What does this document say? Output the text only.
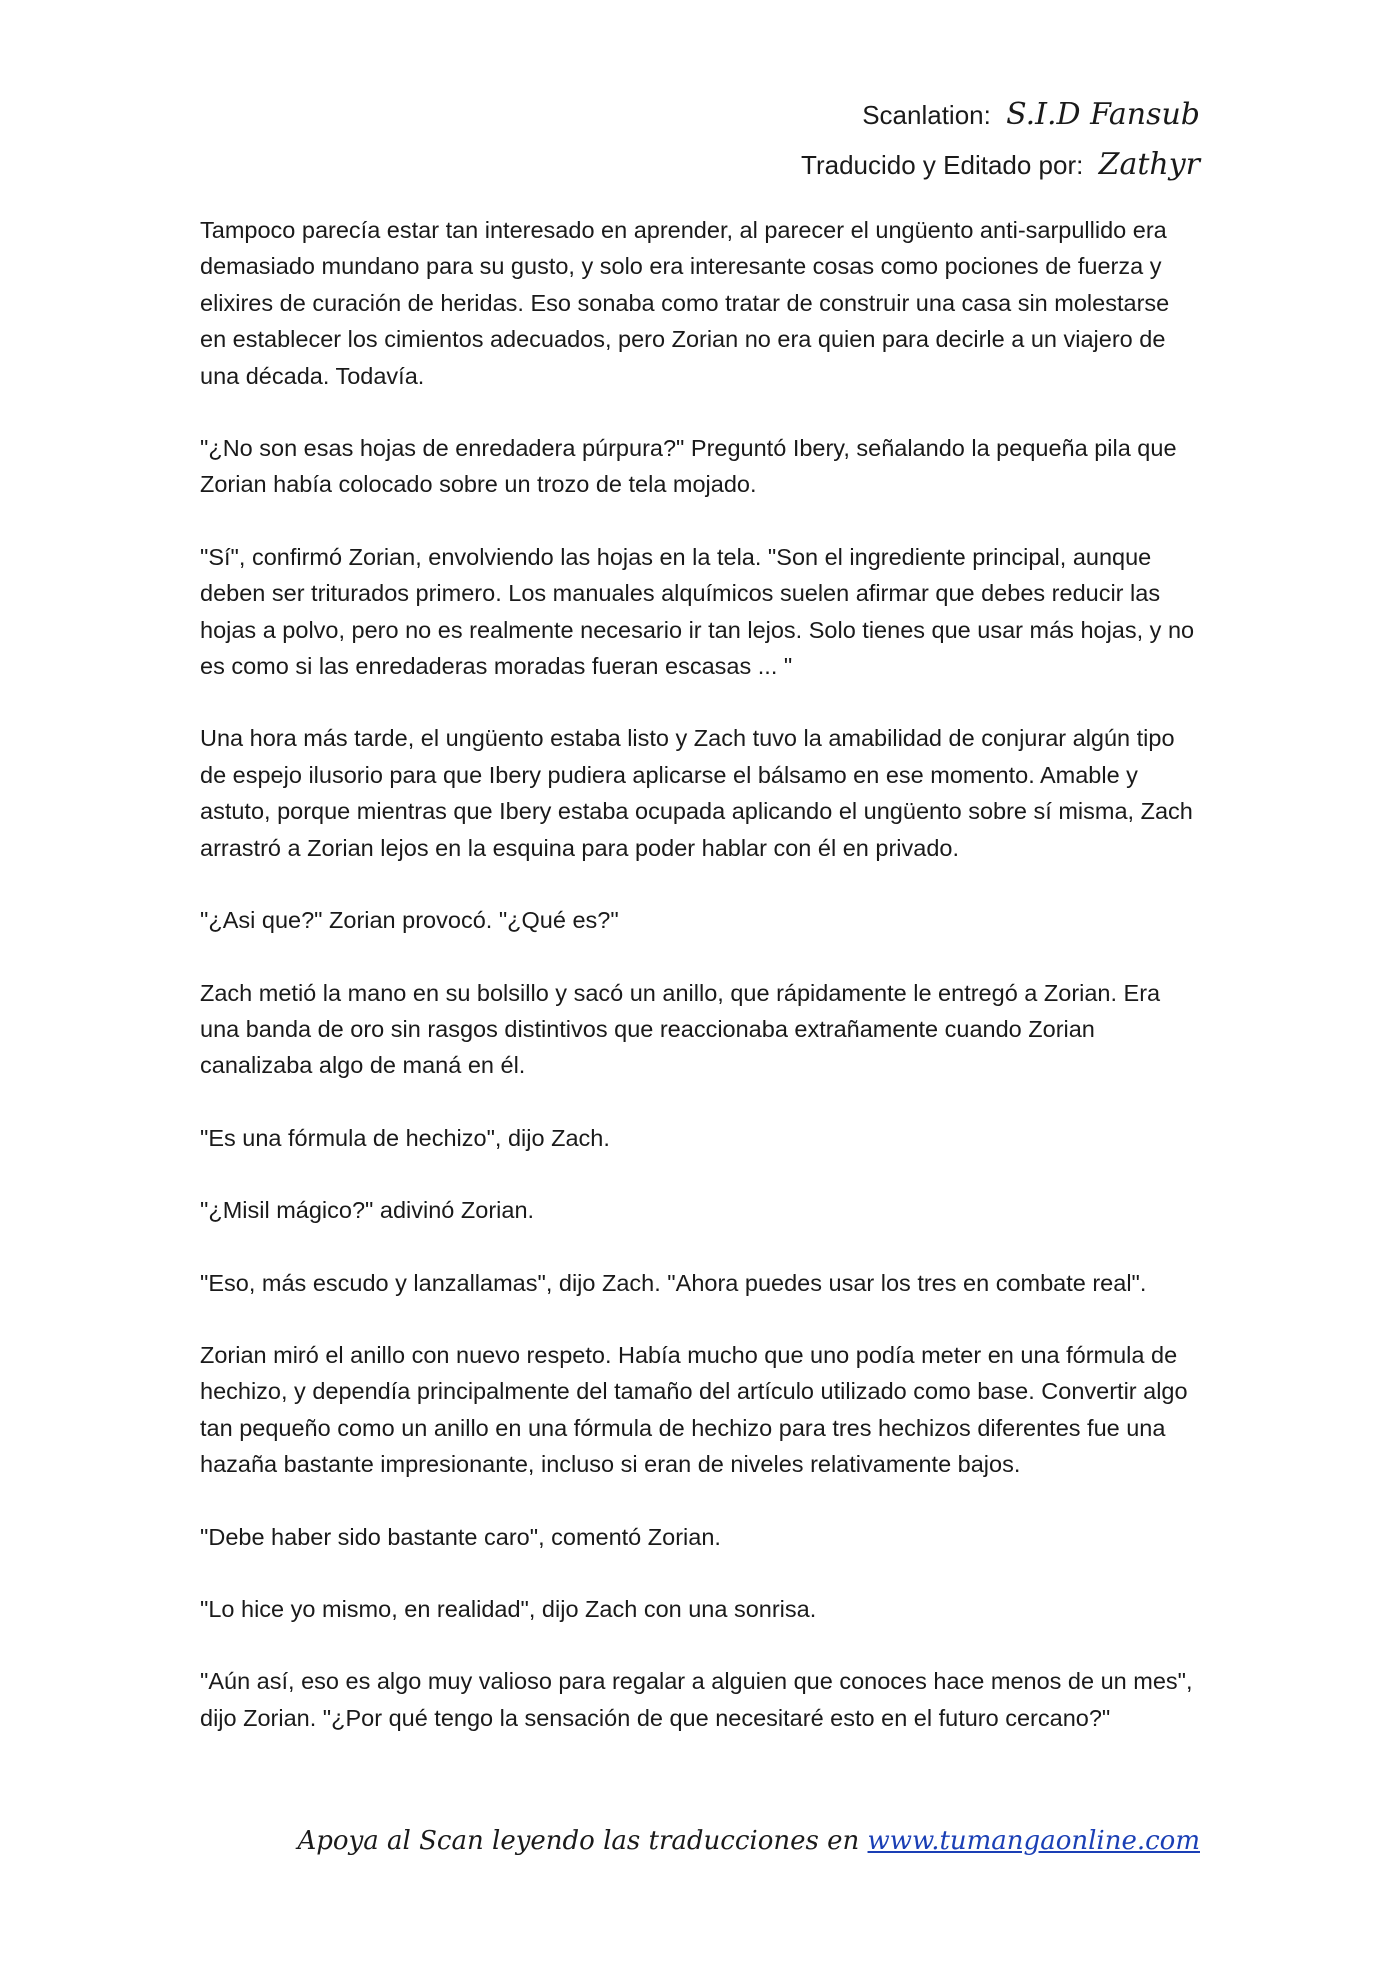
Scanlation: S.I.D Fansub
Traducido y Editado por: Zathyr

Tampoco parecía estar tan interesado en aprender, al parecer el ungüento anti-sarpullido era demasiado mundano para su gusto, y solo era interesante cosas como pociones de fuerza y elixires de curación de heridas. Eso sonaba como tratar de construir una casa sin molestarse en establecer los cimientos adecuados, pero Zorian no era quien para decirle a un viajero de una década. Todavía.

"¿No son esas hojas de enredadera púrpura?" Preguntó Ibery, señalando la pequeña pila que Zorian había colocado sobre un trozo de tela mojado.

"Sí", confirmó Zorian, envolviendo las hojas en la tela. "Son el ingrediente principal, aunque deben ser triturados primero. Los manuales alquímicos suelen afirmar que debes reducir las hojas a polvo, pero no es realmente necesario ir tan lejos. Solo tienes que usar más hojas, y no es como si las enredaderas moradas fueran escasas ... "

Una hora más tarde, el ungüento estaba listo y Zach tuvo la amabilidad de conjurar algún tipo de espejo ilusorio para que Ibery pudiera aplicarse el bálsamo en ese momento. Amable y astuto, porque mientras que Ibery estaba ocupada aplicando el ungüento sobre sí misma, Zach arrastró a Zorian lejos en la esquina para poder hablar con él en privado.

"¿Asi que?" Zorian provocó. "¿Qué es?"

Zach metió la mano en su bolsillo y sacó un anillo, que rápidamente le entregó a Zorian. Era una banda de oro sin rasgos distintivos que reaccionaba extrañamente cuando Zorian canalizaba algo de maná en él.

"Es una fórmula de hechizo", dijo Zach.

"¿Misil mágico?" adivinó Zorian.

"Eso, más escudo y lanzallamas", dijo Zach. "Ahora puedes usar los tres en combate real".

Zorian miró el anillo con nuevo respeto. Había mucho que uno podía meter en una fórmula de hechizo, y dependía principalmente del tamaño del artículo utilizado como base. Convertir algo tan pequeño como un anillo en una fórmula de hechizo para tres hechizos diferentes fue una hazaña bastante impresionante, incluso si eran de niveles relativamente bajos.

"Debe haber sido bastante caro", comentó Zorian.

"Lo hice yo mismo, en realidad", dijo Zach con una sonrisa.

"Aún así, eso es algo muy valioso para regalar a alguien que conoces hace menos de un mes", dijo Zorian. "¿Por qué tengo la sensación de que necesitaré esto en el futuro cercano?"

Apoya al Scan leyendo las traducciones en www.tumangaonline.com
